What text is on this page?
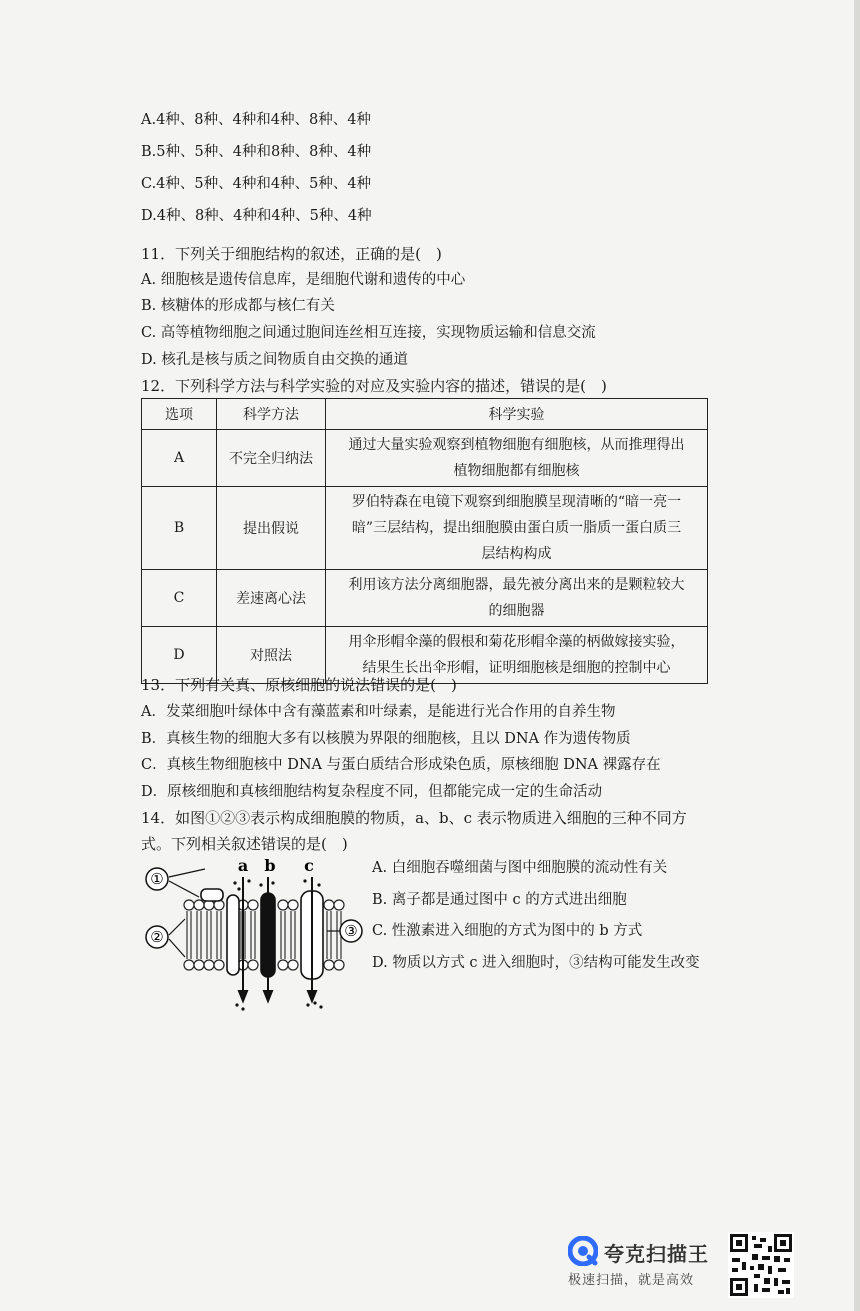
A.4种、8种、4种和4种、8种、4种
B.5种、5种、4种和8种、8种、4种
C.4种、5种、4种和4种、5种、4种
D.4种、8种、4种和4种、5种、4种
11．下列关于细胞结构的叙述，正确的是(　)
A. 细胞核是遗传信息库，是细胞代谢和遗传的中心
B. 核糖体的形成都与核仁有关
C. 高等植物细胞之间通过胞间连丝相互连接，实现物质运输和信息交流
D. 核孔是核与质之间物质自由交换的通道
12．下列科学方法与科学实验的对应及实验内容的描述，错误的是(　)
选项	科学方法	科学实验
A	不完全归纳法	通过大量实验观察到植物细胞有细胞核，从而推理得出
植物细胞都有细胞核

B	提出假说	罗伯特森在电镜下观察到细胞膜呈现清晰的“暗一亮一
暗”三层结构，提出细胞膜由蛋白质一脂质一蛋白质三
层结构构成

C	差速离心法	利用该方法分离细胞器，最先被分离出来的是颗粒较大
的细胞器

D	对照法	用伞形帽伞藻的假根和菊花形帽伞藻的柄做嫁接实验，
结果生长出伞形帽，证明细胞核是细胞的控制中心
13．下列有关真、原核细胞的说法错误的是(　)
A．发菜细胞叶绿体中含有藻蓝素和叶绿素，是能进行光合作用的自养生物
B．真核生物的细胞大多有以核膜为界限的细胞核，且以 DNA 作为遗传物质
C．真核生物细胞核中 DNA 与蛋白质结合形成染色质，原核细胞 DNA 裸露存在
D．原核细胞和真核细胞结构复杂程度不同，但都能完成一定的生命活动
14．如图①②③表示构成细胞膜的物质，a、b、c 表示物质进入细胞的三种不同方
式。下列相关叙述错误的是(　)
①
②	③
a b c	A. 白细胞吞噬细菌与图中细胞膜的流动性有关
B. 离子都是通过图中 c 的方式进出细胞
C. 性激素进入细胞的方式为图中的 b 方式
D. 物质以方式 c 进入细胞时，③结构可能发生改变
夸克扫描王
极速扫描，就是高效
